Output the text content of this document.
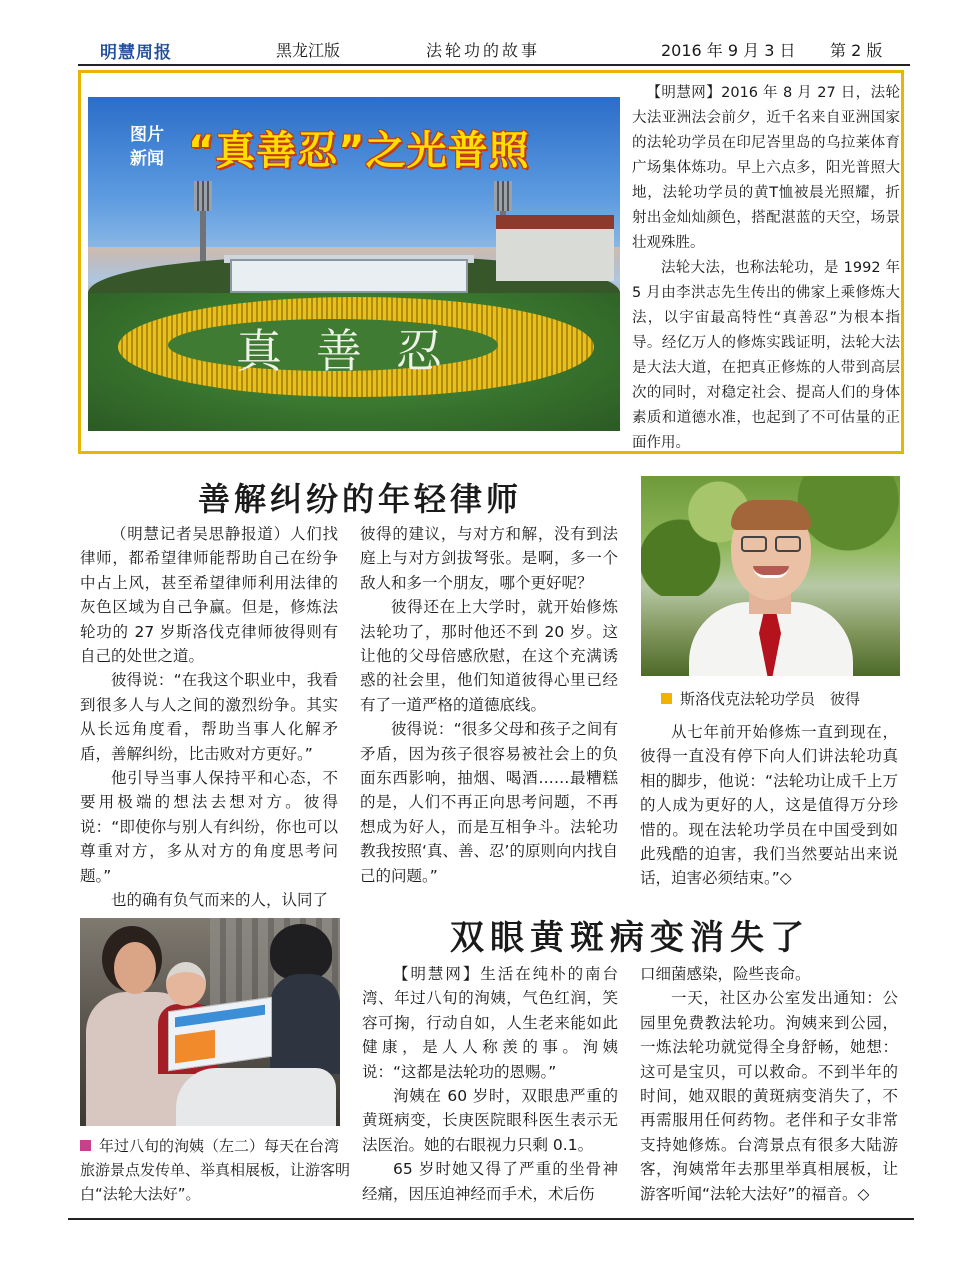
明慧周报	黑龙江版	法轮功的故事	2016 年 9 月 3 日 第 2 版
真善忍
图片新闻 “真善忍”之光普照

【明慧网】2016 年 8 月 27 日，法轮大法亚洲法会前夕，近千名来自亚洲国家的法轮功学员在印尼峇里岛的乌拉莱体育广场集体炼功。早上六点多，阳光普照大地，法轮功学员的黄T恤被晨光照耀，折射出金灿灿颜色，搭配湛蓝的天空，场景壮观殊胜。

法轮大法，也称法轮功，是 1992 年 5 月由李洪志先生传出的佛家上乘修炼大法，以宇宙最高特性“真善忍”为根本指导。经亿万人的修炼实践证明，法轮大法是大法大道，在把真正修炼的人带到高层次的同时，对稳定社会、提高人们的身体素质和道德水准，也起到了不可估量的正面作用。

善解纠纷的年轻律师

（明慧记者吴思静报道）人们找律师，都希望律师能帮助自己在纷争中占上风，甚至希望律师利用法律的灰色区域为自己争赢。但是，修炼法轮功的 27 岁斯洛伐克律师彼得则有自己的处世之道。

彼得说：“在我这个职业中，我看到很多人与人之间的激烈纷争。其实从长远角度看，帮助当事人化解矛盾，善解纠纷，比击败对方更好。”

他引导当事人保持平和心态，不要用极端的想法去想对方。彼得说：“即使你与别人有纠纷，你也可以尊重对方，多从对方的角度思考问题。”

也的确有负气而来的人，认同了

彼得的建议，与对方和解，没有到法庭上与对方剑拔弩张。是啊，多一个敌人和多一个朋友，哪个更好呢？

彼得还在上大学时，就开始修炼法轮功了，那时他还不到 20 岁。这让他的父母倍感欣慰，在这个充满诱惑的社会里，他们知道彼得心里已经有了一道严格的道德底线。

彼得说：“很多父母和孩子之间有矛盾，因为孩子很容易被社会上的负面东西影响，抽烟、喝酒……最糟糕的是，人们不再正向思考问题，不再想成为好人，而是互相争斗。法轮功教我按照‘真、善、忍’的原则向内找自己的问题。”

斯洛伐克法轮功学员　彼得

从七年前开始修炼一直到现在，彼得一直没有停下向人们讲法轮功真相的脚步，他说：“法轮功让成千上万的人成为更好的人，这是值得万分珍惜的。现在法轮功学员在中国受到如此残酷的迫害，我们当然要站出来说话，迫害必须结束。”◇

年过八旬的洵姨（左二）每天在台湾旅游景点发传单、举真相展板，让游客明白“法轮大法好”。
双眼黄斑病变消失了

【明慧网】生活在纯朴的南台湾、年过八旬的洵姨，气色红润，笑容可掬，行动自如，人生老来能如此健康，是人人称羡的事。洵姨说：“这都是法轮功的恩赐。”

洵姨在 60 岁时，双眼患严重的黄斑病变，长庚医院眼科医生表示无法医治。她的右眼视力只剩 0.1。

65 岁时她又得了严重的坐骨神经痛，因压迫神经而手术，术后伤

口细菌感染，险些丧命。

一天，社区办公室发出通知：公园里免费教法轮功。洵姨来到公园，一炼法轮功就觉得全身舒畅，她想：这可是宝贝，可以救命。不到半年的时间，她双眼的黄斑病变消失了，不再需服用任何药物。老伴和子女非常支持她修炼。台湾景点有很多大陆游客，洵姨常年去那里举真相展板，让游客听闻“法轮大法好”的福音。◇
